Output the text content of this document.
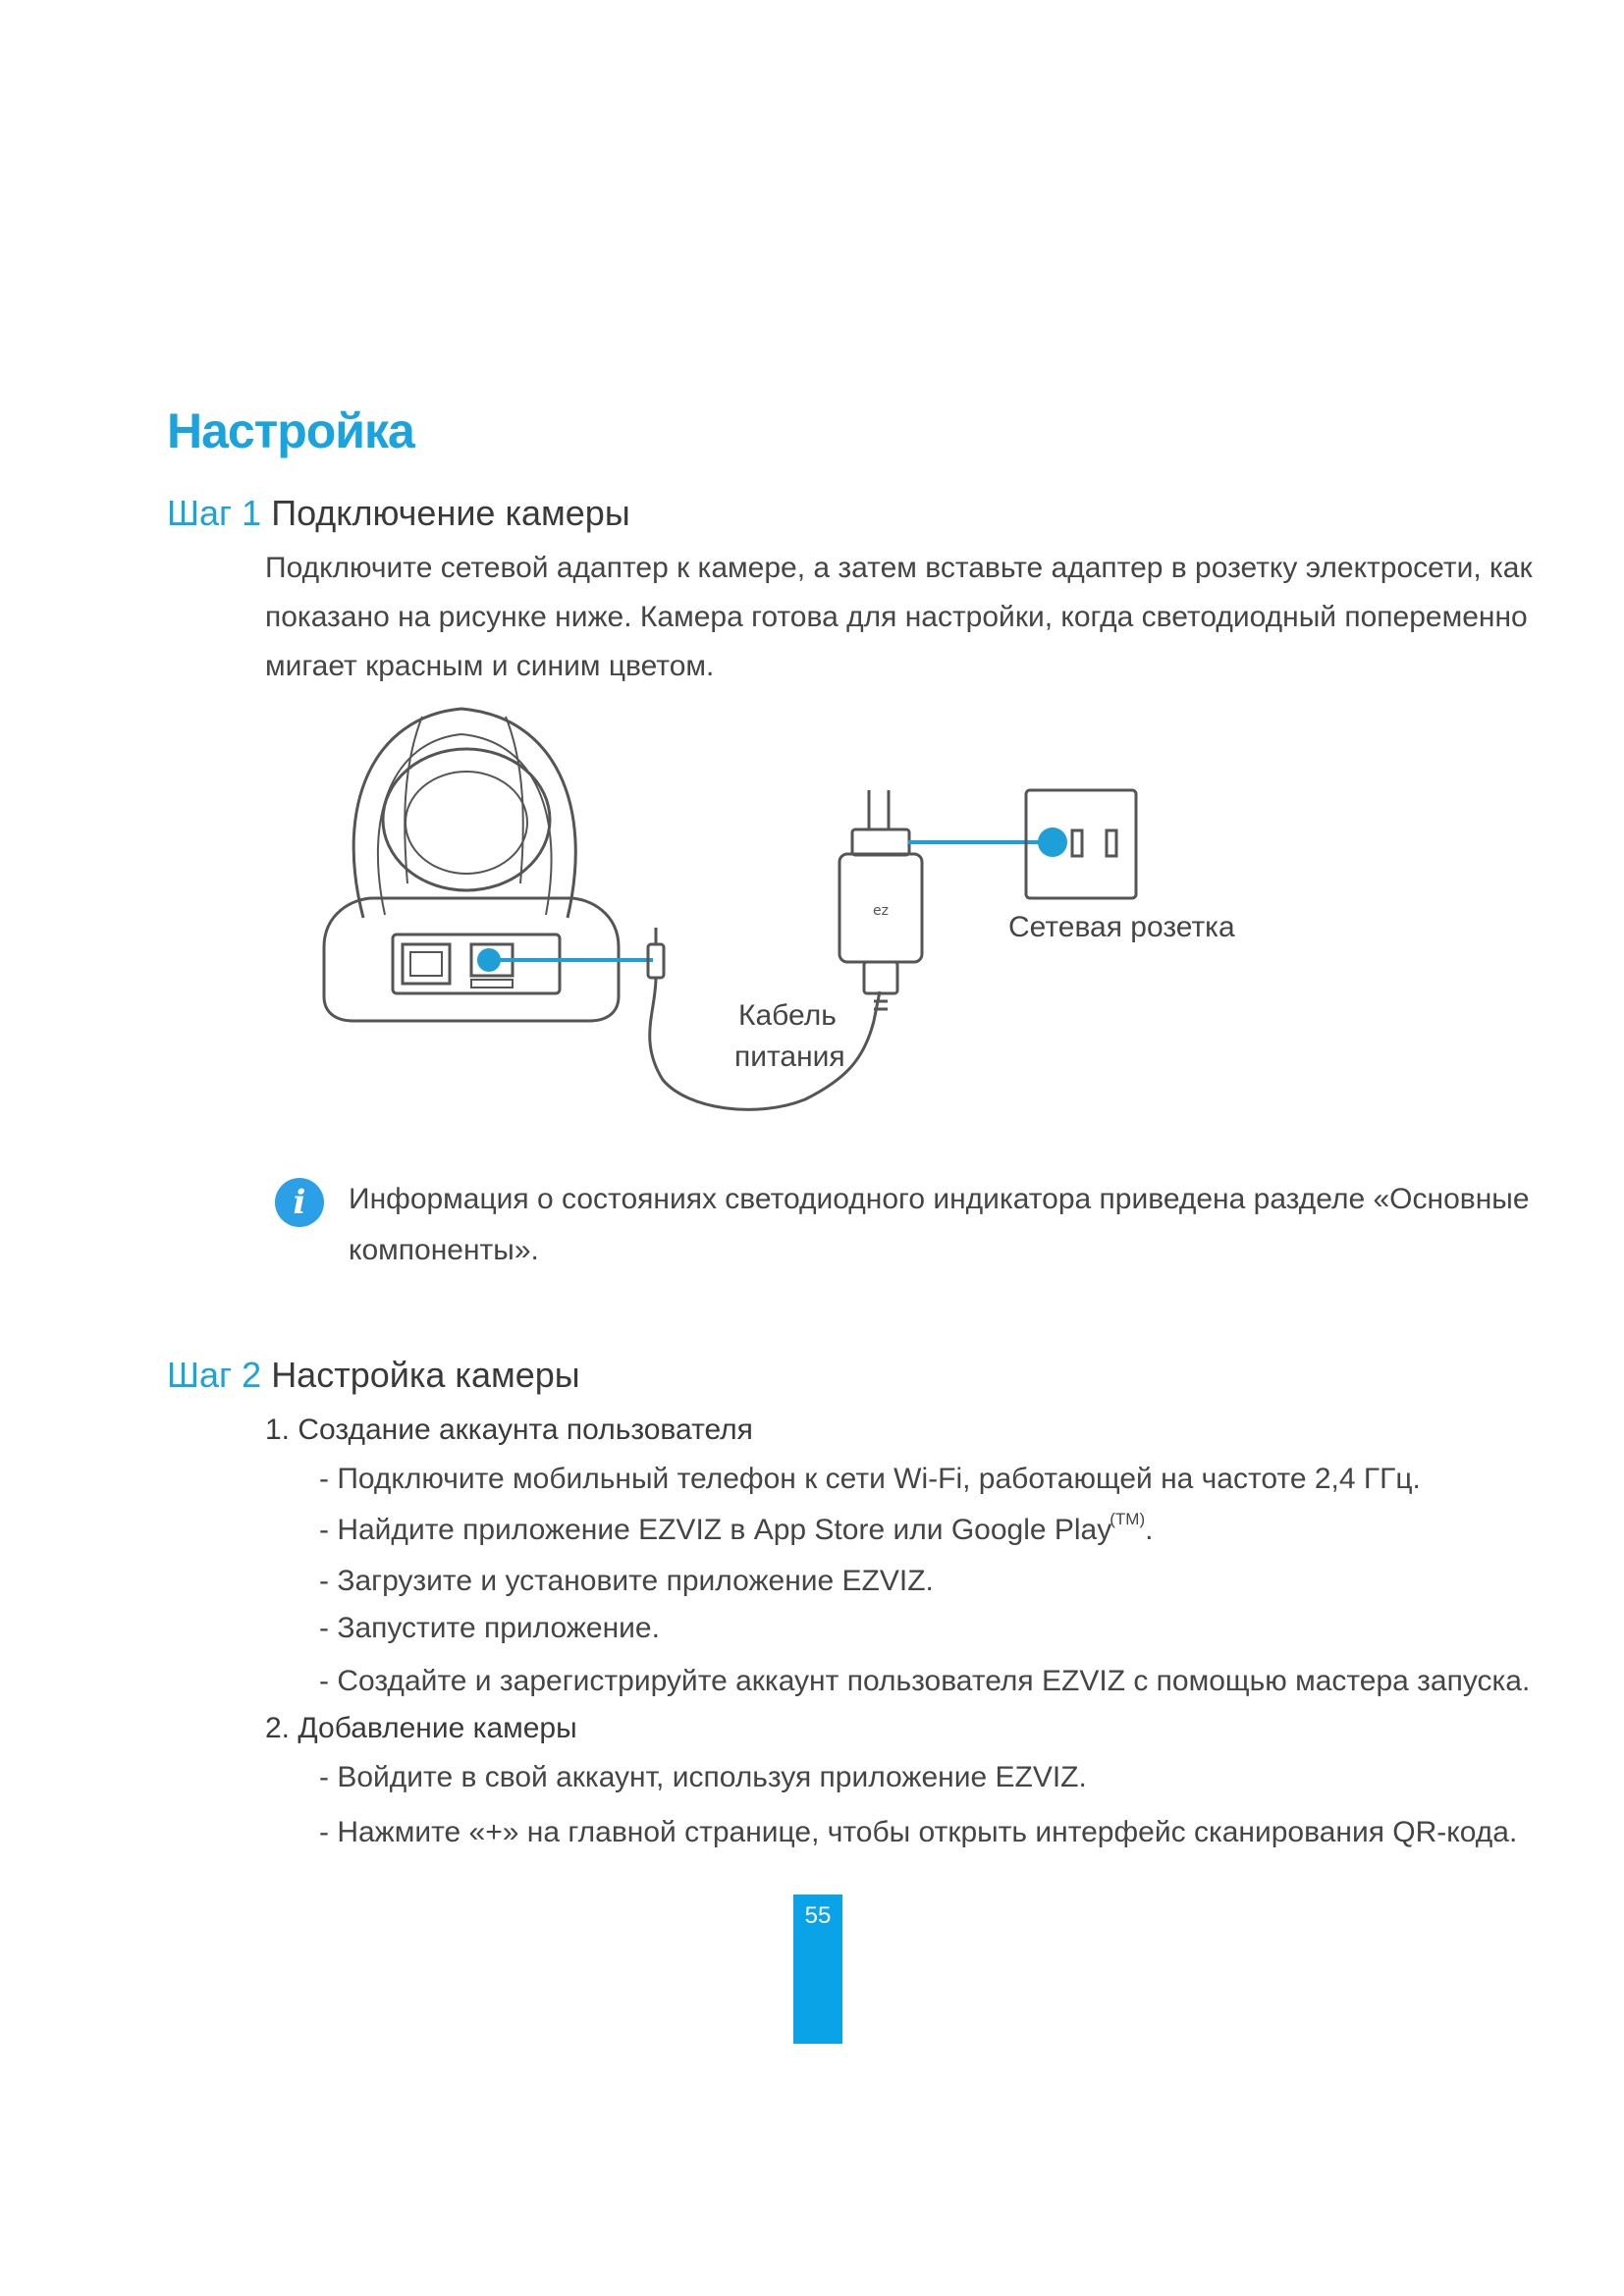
Настройка
Шаг 1 Подключение камеры
Подключите сетевой адаптер к камере, а затем вставьте адаптер в розетку электросети, как
показано на рисунке ниже. Камера готова для настройки, когда светодиодный попеременно
мигает красным и синим цветом.
ez	Сетевая розетка
Кабель
питания
i	Информация о состояниях светодиодного индикатора приведена разделе «Основные
компоненты».
Шаг 2 Настройка камеры
1. Создание аккаунта пользователя
- Подключите мобильный телефон к сети Wi-Fi, работающей на частоте 2,4 ГГц.
- Найдите приложение EZVIZ в App Store или Google Play$^{(TM)}$.
- Загрузите и установите приложение EZVIZ.
- Запустите приложение.
- Создайте и зарегистрируйте аккаунт пользователя EZVIZ с помощью мастера запуска.
2. Добавление камеры
- Войдите в свой аккаунт, используя приложение EZVIZ.
- Нажмите «+» на главной странице, чтобы открыть интерфейс сканирования QR-кода.
55
